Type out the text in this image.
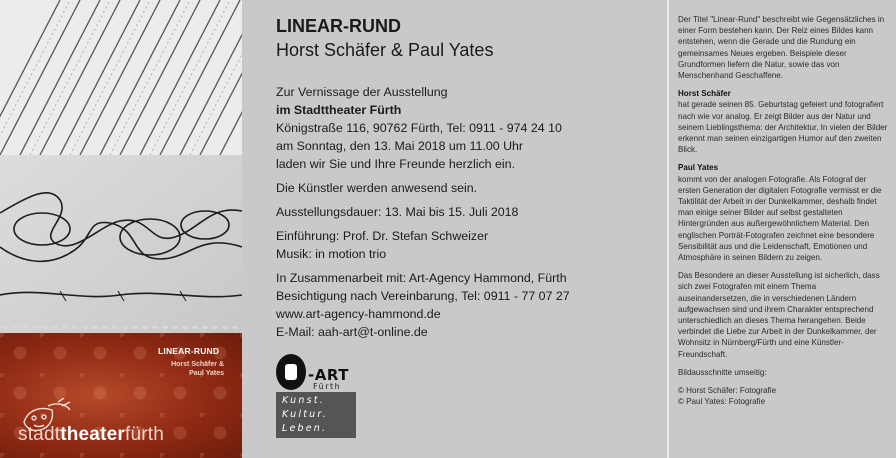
LINEAR-RUND
Horst Schäfer &
Paul Yates
stadttheaterfürth
LINEAR-RUND
Horst Schäfer & Paul Yates

Zur Vernissage der Ausstellung
im Stadttheater Fürth
Königstraße 116, 90762 Fürth, Tel: 0911 - 974 24 10
am Sonntag, den 13. Mai 2018 um 11.00 Uhr
laden wir Sie und Ihre Freunde herzlich ein.

Die Künstler werden anwesend sein.

Ausstellungsdauer: 13. Mai bis 15. Juli 2018

Einführung: Prof. Dr. Stefan Schweizer
Musik: in motion trio

In Zusammenarbeit mit: Art-Agency Hammond, Fürth
Besichtigung nach Vereinbarung, Tel: 0911 - 77 07 27
www.art-agency-hammond.de
E-Mail: aah-art@t-online.de

-ART
Fürth
Kunst.
Kultur.
Leben.

Der Titel "Linear-Rund" beschreibt wie Gegensätzliches in einer Form bestehen kann. Der Reiz eines Bildes kann entstehen, wenn die Gerade und die Rundung ein gemeinsames Neues ergeben. Beispiele dieser Grundformen liefern die Natur, sowie das von Menschenhand Geschaffene.

Horst Schäfer
hat gerade seinen 85. Geburtstag gefeiert und fotografiert nach wie vor analog. Er zeigt Bilder aus der Natur und seinem Lieblingsthema: der Architektur. In vielen der Bilder erkennt man seinen einzigartigen Humor auf den zweiten Blick.

Paul Yates
kommt von der analogen Fotografie. Als Fotograf der ersten Generation der digitalen Fotografie vermisst er die Taktilität der Arbeit in der Dunkelkammer, deshalb findet man einige seiner Bilder auf selbst gestalteten Hintergründen aus außergewöhnlichem Material. Den englischen Porträt-Fotografen zeichnet eine besondere Sensibilität aus und die Leidenschaft, Emotionen und Atmosphäre in seinen Bildern zu zeigen.

Das Besondere an dieser Ausstellung ist sicherlich, dass sich zwei Fotografen mit einem Thema auseinandersetzen, die in verschiedenen Ländern aufgewachsen sind und ihrem Charakter entsprechend unterschiedlich an dieses Thema herangehen. Beide verbindet die Liebe zur Arbeit in der Dunkelkammer, der Wohnsitz in Nürnberg/Fürth und eine Künstler-Freundschaft.

Bildausschnitte umseitig:

© Horst Schäfer: Fotografie
© Paul Yates: Fotografie
